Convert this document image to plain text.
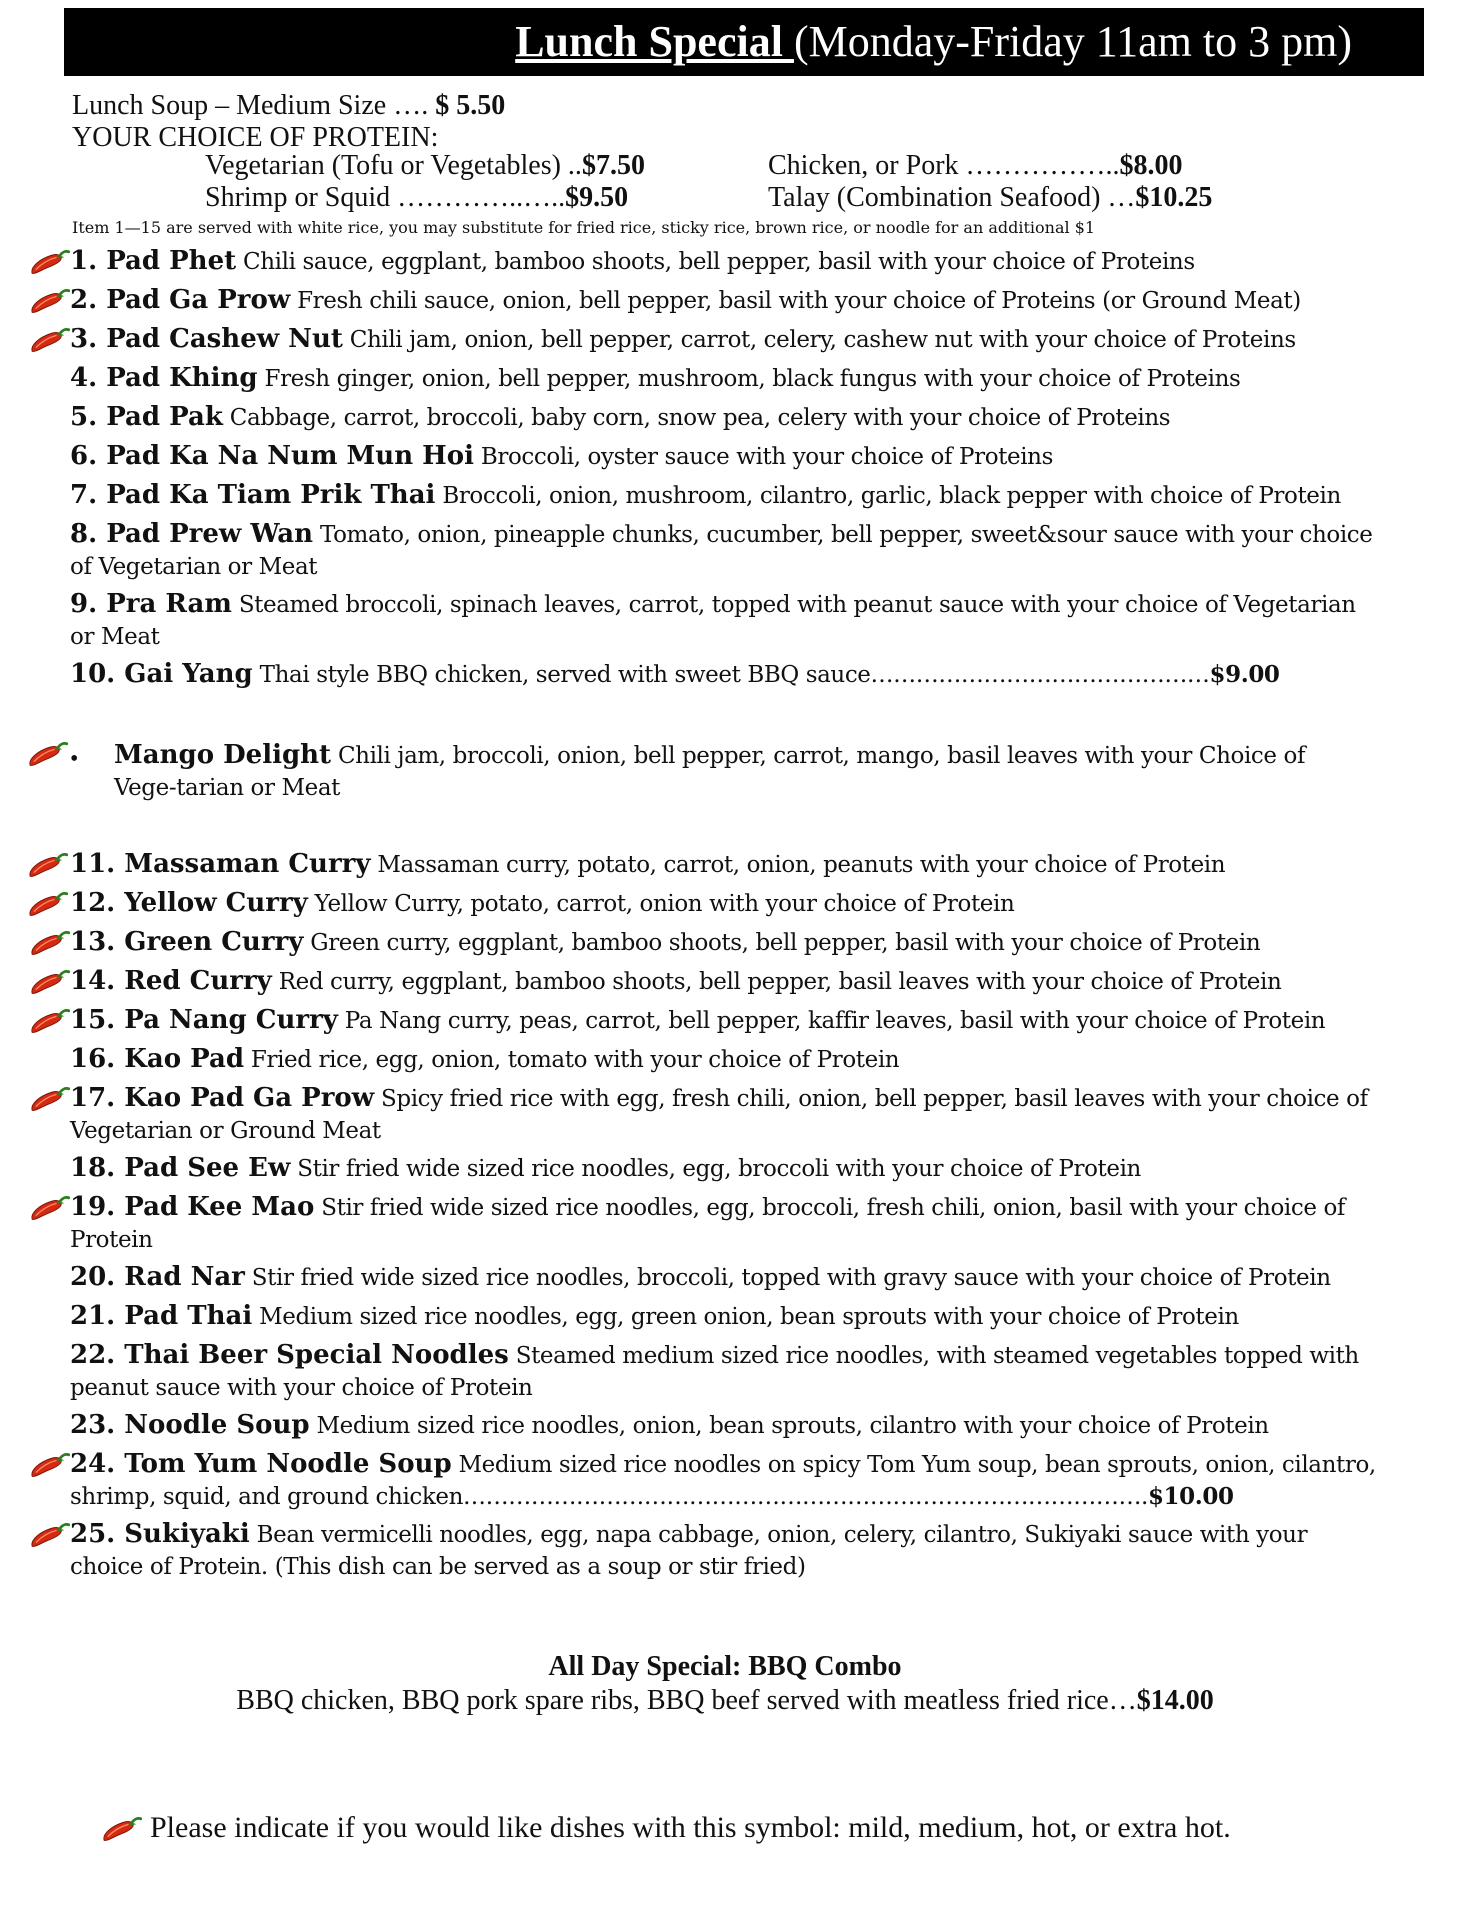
Lunch Special (Monday-Friday 11am to 3 pm)
Lunch Soup – Medium Size …. $ 5.50
YOUR CHOICE OF PROTEIN:
Vegetarian (Tofu or Vegetables) ..$7.50	Chicken, or Pork ……………..$8.00
Shrimp or Squid …………..…..$9.50	Talay (Combination Seafood) …$10.25
Item 1—15 are served with white rice, you may substitute for fried rice, sticky rice, brown rice, or noodle for an additional $1
1. Pad Phet Chili sauce, eggplant, bamboo shoots, bell pepper, basil with your choice of Proteins
2. Pad Ga Prow Fresh chili sauce, onion, bell pepper, basil with your choice of Proteins (or Ground Meat)
3. Pad Cashew Nut Chili jam, onion, bell pepper, carrot, celery, cashew nut with your choice of Proteins
4. Pad Khing Fresh ginger, onion, bell pepper, mushroom, black fungus with your choice of Proteins
5. Pad Pak Cabbage, carrot, broccoli, baby corn, snow pea, celery with your choice of Proteins
6. Pad Ka Na Num Mun Hoi Broccoli, oyster sauce with your choice of Proteins
7. Pad Ka Tiam Prik Thai Broccoli, onion, mushroom, cilantro, garlic, black pepper with choice of Protein
8. Pad Prew Wan Tomato, onion, pineapple chunks, cucumber, bell pepper, sweet&sour sauce with your choice of Vegetarian or Meat
9. Pra Ram Steamed broccoli, spinach leaves, carrot, topped with peanut sauce with your choice of Vegetarian or Meat
10. Gai Yang Thai style BBQ chicken, served with sweet BBQ sauce………………………………………$9.00
• Mango Delight Chili jam, broccoli, onion, bell pepper, carrot, mango, basil leaves with your Choice of Vege-tarian or Meat
11. Massaman Curry Massaman curry, potato, carrot, onion, peanuts with your choice of Protein
12. Yellow Curry Yellow Curry, potato, carrot, onion with your choice of Protein
13. Green Curry Green curry, eggplant, bamboo shoots, bell pepper, basil with your choice of Protein
14. Red Curry Red curry, eggplant, bamboo shoots, bell pepper, basil leaves with your choice of Protein
15. Pa Nang Curry Pa Nang curry, peas, carrot, bell pepper, kaffir leaves, basil with your choice of Protein
16. Kao Pad Fried rice, egg, onion, tomato with your choice of Protein
17. Kao Pad Ga Prow Spicy fried rice with egg, fresh chili, onion, bell pepper, basil leaves with your choice of Vegetarian or Ground Meat
18. Pad See Ew Stir fried wide sized rice noodles, egg, broccoli with your choice of Protein
19. Pad Kee Mao Stir fried wide sized rice noodles, egg, broccoli, fresh chili, onion, basil with your choice of Protein
20. Rad Nar Stir fried wide sized rice noodles, broccoli, topped with gravy sauce with your choice of Protein
21. Pad Thai Medium sized rice noodles, egg, green onion, bean sprouts with your choice of Protein
22. Thai Beer Special Noodles Steamed medium sized rice noodles, with steamed vegetables topped with peanut sauce with your choice of Protein
23. Noodle Soup Medium sized rice noodles, onion, bean sprouts, cilantro with your choice of Protein
24. Tom Yum Noodle Soup Medium sized rice noodles on spicy Tom Yum soup, bean sprouts, onion, cilantro, shrimp, squid, and ground chicken……………………………………………………………………………….$10.00
25. Sukiyaki Bean vermicelli noodles, egg, napa cabbage, onion, celery, cilantro, Sukiyaki sauce with your choice of Protein. (This dish can be served as a soup or stir fried)
All Day Special: BBQ Combo
BBQ chicken, BBQ pork spare ribs, BBQ beef served with meatless fried rice…$14.00
Please indicate if you would like dishes with this symbol: mild, medium, hot, or extra hot.
